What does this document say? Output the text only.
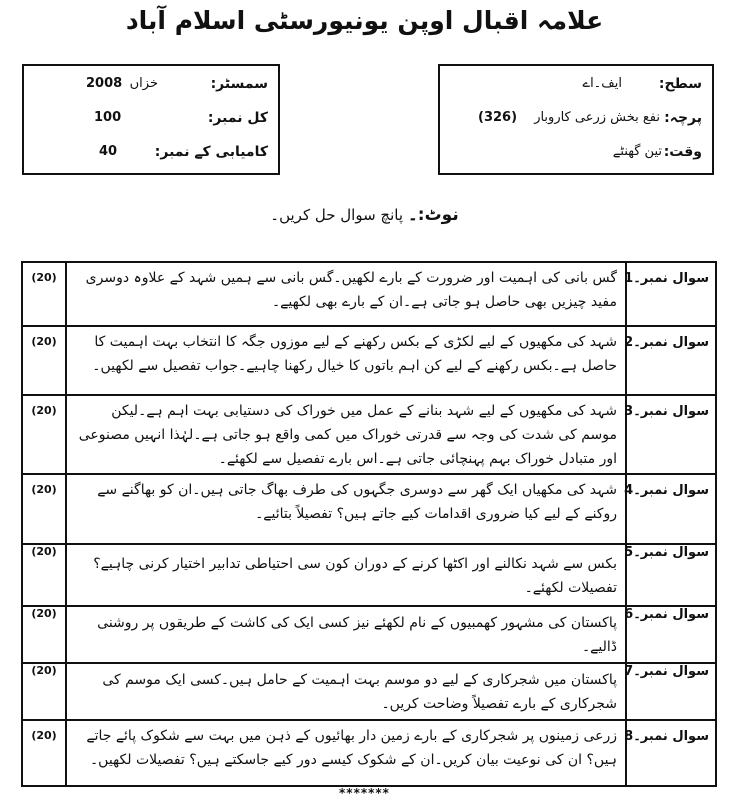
علامہ اقبال اوپن یونیورسٹی اسلام آباد
سمسٹر:
خزاں
2008
کل نمبر:
100
کامیابی کے نمبر:
40
سطح:
ایف۔اے
پرچہ:
نفع بخش زرعی کاروبار
(326)
وقت:
تین گھنٹے
نوٹ:۔ پانچ سوال حل کریں۔
(20)	گس بانی کی اہمیت اور ضرورت کے بارے لکھیں۔گس بانی سے ہمیں شہد کے علاوہ دوسری مفید چیزیں بھی حاصل ہو جاتی ہے۔ان کے بارے بھی لکھیے۔	سوال نمبر۔1
(20)	شہد کی مکھیوں کے لیے لکڑی کے بکس رکھنے کے لیے موزوں جگہ کا انتخاب بہت اہمیت کا حاصل ہے۔بکس رکھنے کے لیے کن اہم باتوں کا خیال رکھنا چاہیے۔جواب تفصیل سے لکھیں۔	سوال نمبر۔2
(20)	شہد کی مکھیوں کے لیے شہد بنانے کے عمل میں خوراک کی دستیابی بہت اہم ہے۔لیکن موسم کی شدت کی وجہ سے قدرتی خوراک میں کمی واقع ہو جاتی ہے۔لہٰذا انہیں مصنوعی اور متبادل خوراک بہم پہنچائی جاتی ہے۔اس بارے تفصیل سے لکھئے۔	سوال نمبر۔3
(20)	شہد کی مکھیاں ایک گھر سے دوسری جگہوں کی طرف بھاگ جاتی ہیں۔ان کو بھاگنے سے روکنے کے لیے کیا ضروری اقدامات کیے جاتے ہیں؟ تفصیلاً بتائیے۔	سوال نمبر۔4
(20)	بکس سے شہد نکالنے اور اکٹھا کرنے کے دوران کون سی احتیاطی تدابیر اختیار کرنی چاہیے؟ تفصیلات لکھئے۔	سوال نمبر۔5
(20)	پاکستان کی مشہور کھمبیوں کے نام لکھئے نیز کسی ایک کی کاشت کے طریقوں پر روشنی ڈالیے۔	سوال نمبر۔6
(20)	پاکستان میں شجرکاری کے لیے دو موسم بہت اہمیت کے حامل ہیں۔کسی ایک موسم کی شجرکاری کے بارے تفصیلاً وضاحت کریں۔	سوال نمبر۔7
(20)	زرعی زمینوں پر شجرکاری کے بارے زمین دار بھائیوں کے ذہن میں بہت سے شکوک پائے جاتے ہیں؟ ان کی نوعیت بیان کریں۔ان کے شکوک کیسے دور کیے جاسکتے ہیں؟ تفصیلات لکھیں۔	سوال نمبر۔8
*******
